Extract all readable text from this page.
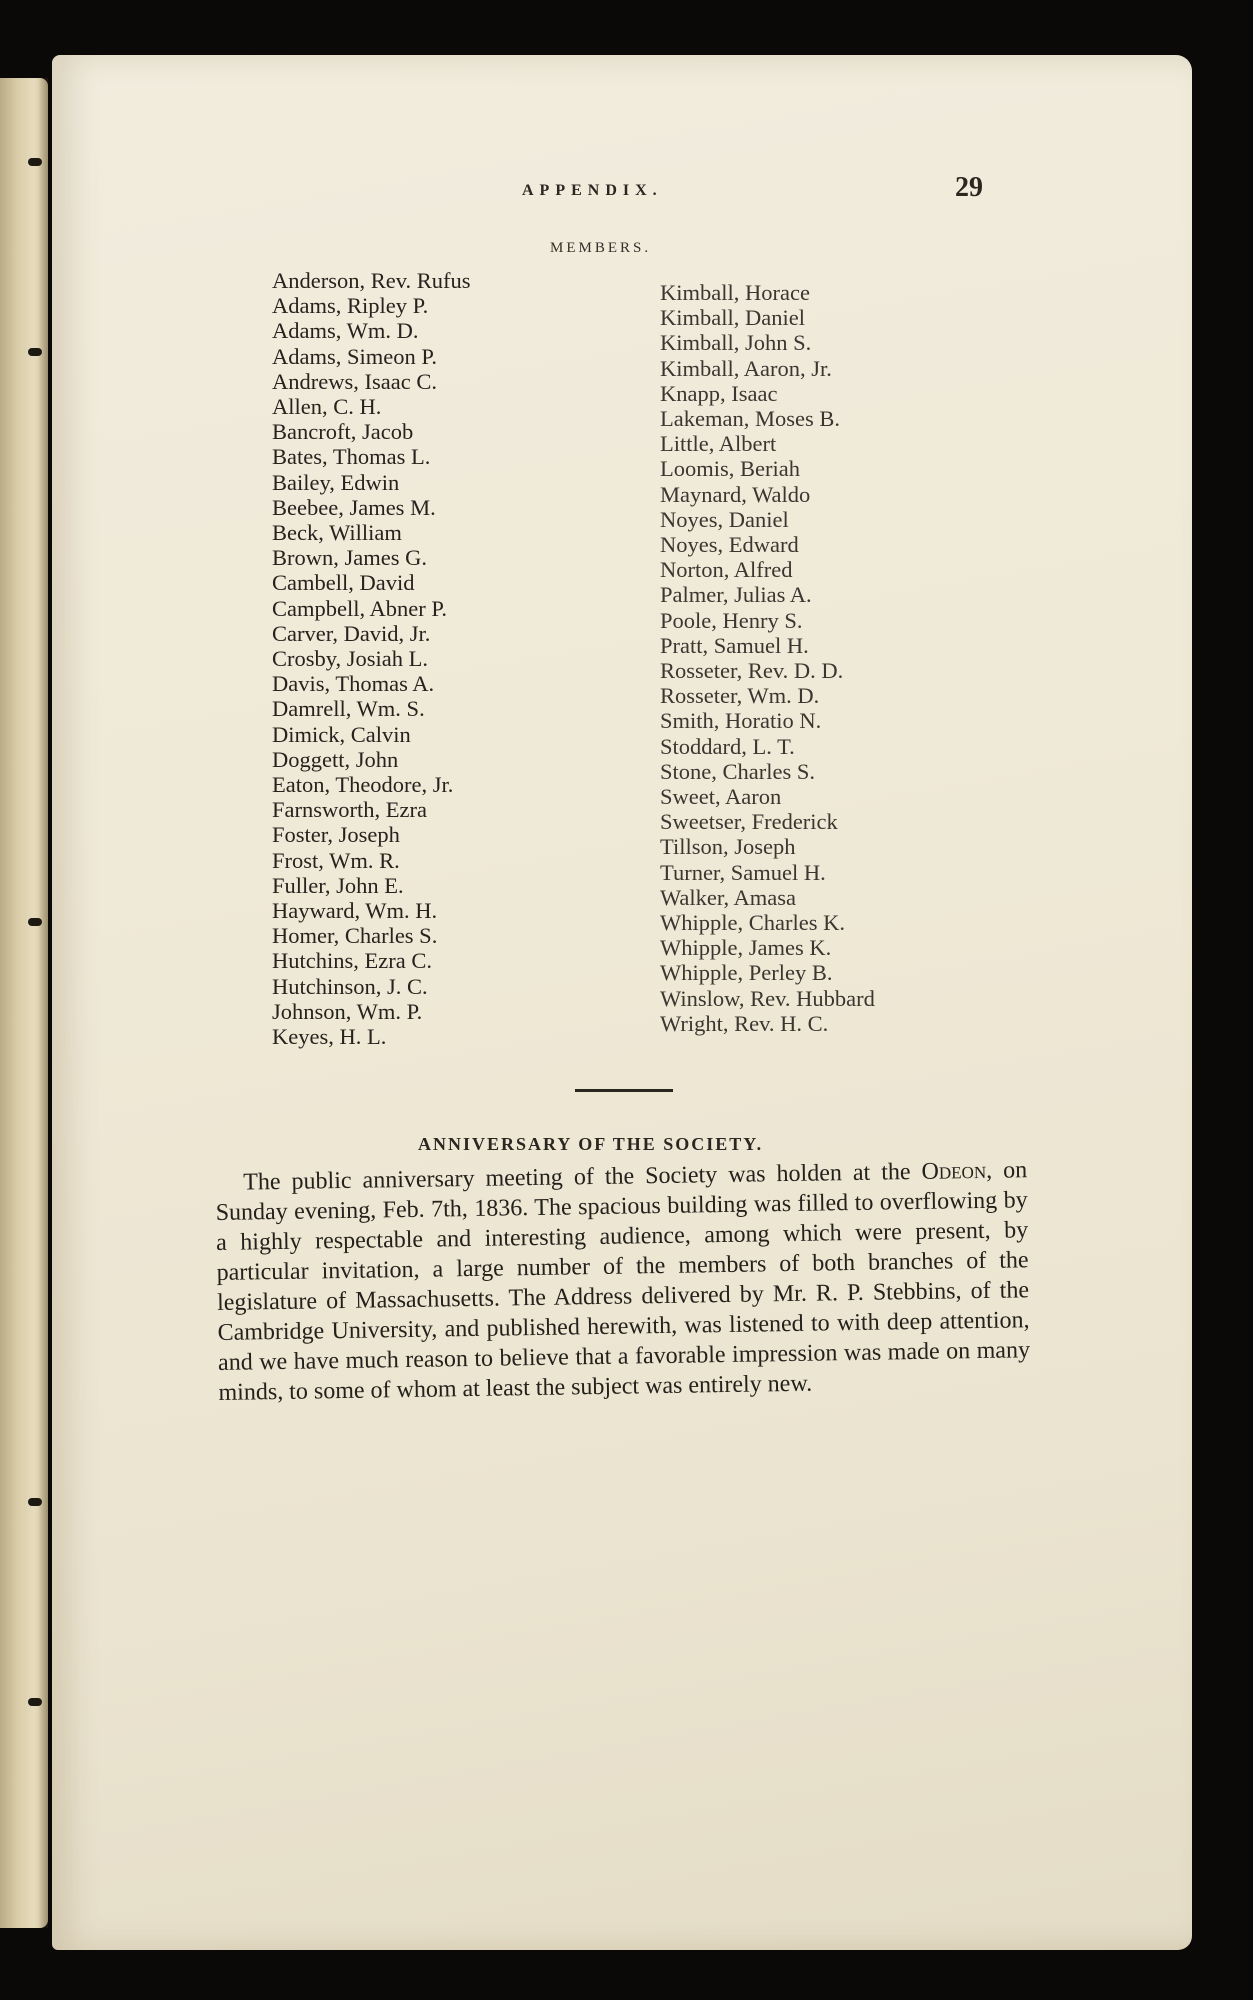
APPENDIX.	29
MEMBERS.
Anderson, Rev. Rufus
Adams, Ripley P.
Adams, Wm. D.
Adams, Simeon P.
Andrews, Isaac C.
Allen, C. H.
Bancroft, Jacob
Bates, Thomas L.
Bailey, Edwin
Beebee, James M.
Beck, William
Brown, James G.
Cambell, David
Campbell, Abner P.
Carver, David, Jr.
Crosby, Josiah L.
Davis, Thomas A.
Damrell, Wm. S.
Dimick, Calvin
Doggett, John
Eaton, Theodore, Jr.
Farnsworth, Ezra
Foster, Joseph
Frost, Wm. R.
Fuller, John E.
Hayward, Wm. H.
Homer, Charles S.
Hutchins, Ezra C.
Hutchinson, J. C.
Johnson, Wm. P.
Keyes, H. L.
Kimball, Horace
Kimball, Daniel
Kimball, John S.
Kimball, Aaron, Jr.
Knapp, Isaac
Lakeman, Moses B.
Little, Albert
Loomis, Beriah
Maynard, Waldo
Noyes, Daniel
Noyes, Edward
Norton, Alfred
Palmer, Julias A.
Poole, Henry S.
Pratt, Samuel H.
Rosseter, Rev. D. D.
Rosseter, Wm. D.
Smith, Horatio N.
Stoddard, L. T.
Stone, Charles S.
Sweet, Aaron
Sweetser, Frederick
Tillson, Joseph
Turner, Samuel H.
Walker, Amasa
Whipple, Charles K.
Whipple, James K.
Whipple, Perley B.
Winslow, Rev. Hubbard
Wright, Rev. H. C.
ANNIVERSARY OF THE SOCIETY.

The public anniversary meeting of the Society was holden at the Odeon, on Sunday evening, Feb. 7th, 1836. The spacious building was filled to overflowing by a highly respectable and interesting audience, among which were present, by particular invitation, a large number of the members of both branches of the legislature of Massachusetts. The Address delivered by Mr. R. P. Stebbins, of the Cambridge University, and published herewith, was listened to with deep attention, and we have much reason to believe that a favorable impression was made on many minds, to some of whom at least the subject was entirely new.
